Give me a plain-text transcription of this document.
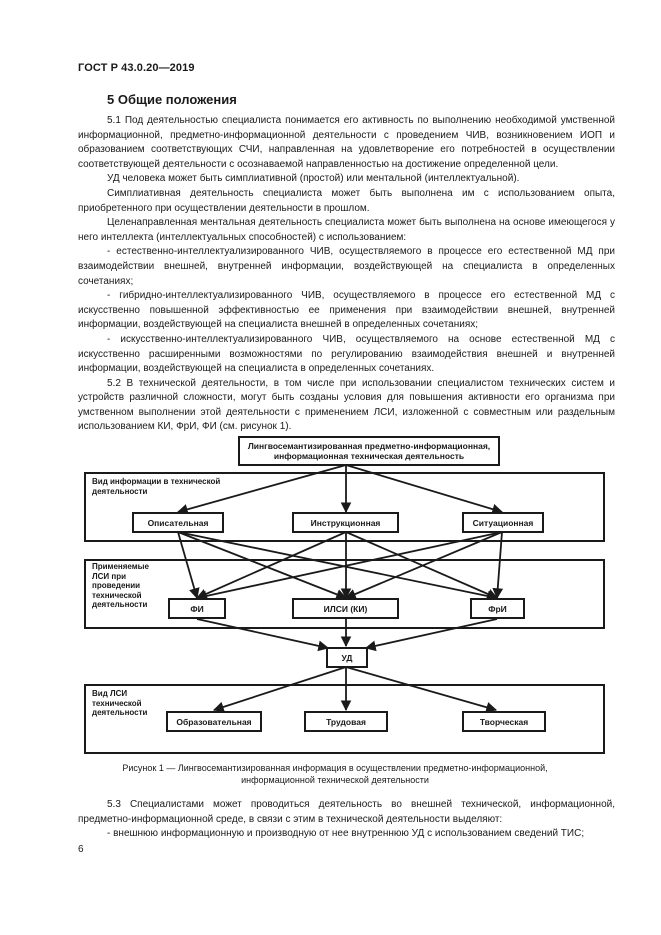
ГОСТ Р 43.0.20—2019
5 Общие положения

5.1 Под деятельностью специалиста понимается его активность по выполнению необходимой умственной информационной, предметно-информационной деятельности с проведением ЧИВ, возникновением ИОП и образованием соответствующих СЧИ, направленная на удовлетворение его потребностей в осуществлении соответствующей деятельности с осознаваемой направленностью на достижение определенной цели.

УД человека может быть симплиативной (простой) или ментальной (интеллектуальной).

Симплиативная деятельность специалиста может быть выполнена им с использованием опыта, приобретенного при осуществлении деятельности в прошлом.

Целенаправленная ментальная деятельность специалиста может быть выполнена на основе имеющегося у него интеллекта (интеллектуальных способностей) с использованием:

- естественно-интеллектуализированного ЧИВ, осуществляемого в процессе его естественной МД при взаимодействии внешней, внутренней информации, воздействующей на специалиста в определенных сочетаниях;

- гибридно-интеллектуализированного ЧИВ, осуществляемого в процессе его естественной МД с искусственно повышенной эффективностью ее применения при взаимодействии внешней, внутренней информации, воздействующей на специалиста внешней в определенных сочетаниях;

- искусственно-интеллектуализированного ЧИВ, осуществляемого на основе естественной МД с искусственно расширенными возможностями по регулированию взаимодействия внешней и внутренней информации, воздействующей на специалиста в определенных сочетаниях.

5.2 В технической деятельности, в том числе при использовании специалистом технических систем и устройств различной сложности, могут быть созданы условия для повышения активности его организма при умственном выполнении этой деятельности с применением ЛСИ, изложенной с совместным или раздельным использованием КИ, ФрИ, ФИ (см. рисунок 1).

Лингвосемантизированная предметно-информационная, информационная техническая деятельность
Вид информации в технической деятельности
Описательная	Инструкционная	Ситуационная
Применяемые ЛСИ при проведении технической деятельности	ФИ	ИЛСИ (КИ)	ФрИ
УД
Вид ЛСИ технической деятельности
Образовательная	Трудовая	Творческая
Рисунок 1 — Лингвосемантизированная информация в осуществлении предметно-информационной, информационной технической деятельности

5.3 Специалистами может проводиться деятельность во внешней технической, информационной, предметно-информационной среде, в связи с этим в технической деятельности выделяют:

- внешнюю информационную и производную от нее внутреннюю УД с использованием сведений ТИС;

6
